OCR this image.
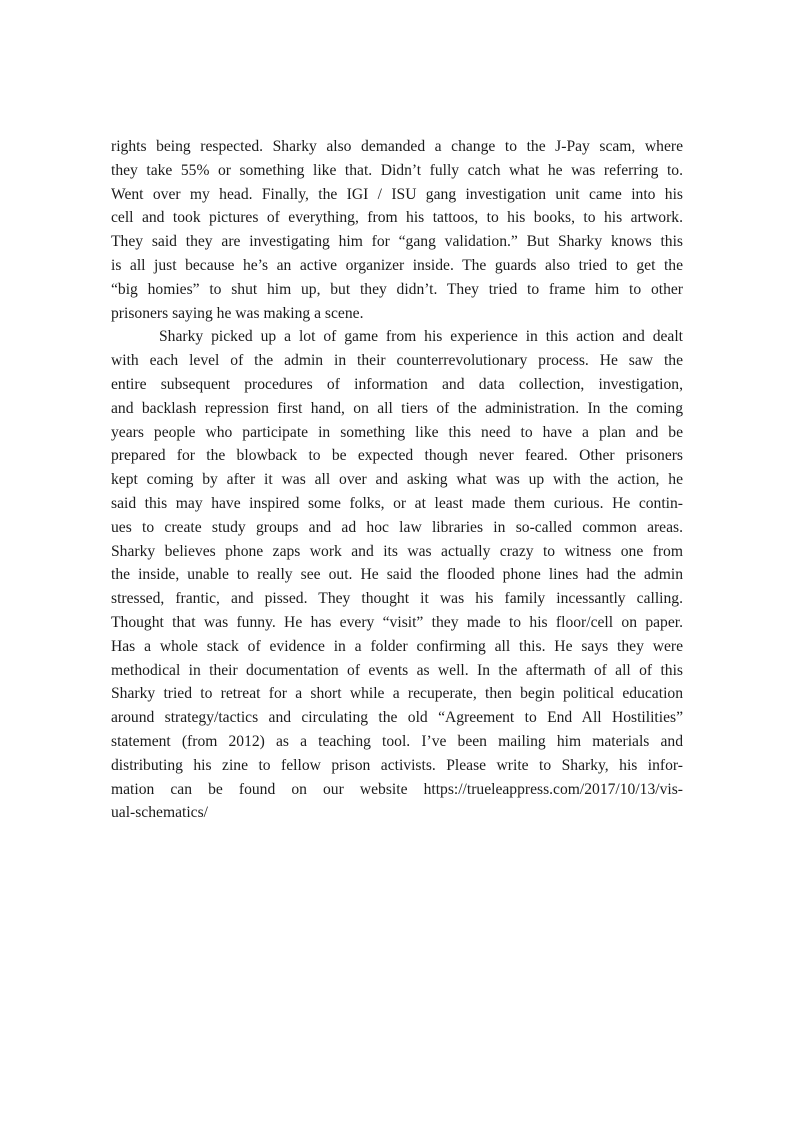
rights being respected. Sharky also demanded a change to the J-Pay scam, where
they take 55% or something like that. Didn’t fully catch what he was referring to.
Went over my head. Finally, the IGI / ISU gang investigation unit came into his
cell and took pictures of everything, from his tattoos, to his books, to his artwork.
They said they are investigating him for “gang validation.” But Sharky knows this
is all just because he’s an active organizer inside. The guards also tried to get the
“big homies” to shut him up, but they didn’t. They tried to frame him to other
prisoners saying he was making a scene.
Sharky picked up a lot of game from his experience in this action and dealt
with each level of the admin in their counterrevolutionary process. He saw the
entire subsequent procedures of information and data collection, investigation,
and backlash repression first hand, on all tiers of the administration. In the coming
years people who participate in something like this need to have a plan and be
prepared for the blowback to be expected though never feared. Other prisoners
kept coming by after it was all over and asking what was up with the action, he
said this may have inspired some folks, or at least made them curious. He contin-
ues to create study groups and ad hoc law libraries in so-called common areas.
Sharky believes phone zaps work and its was actually crazy to witness one from
the inside, unable to really see out. He said the flooded phone lines had the admin
stressed, frantic, and pissed. They thought it was his family incessantly calling.
Thought that was funny. He has every “visit” they made to his floor/cell on paper.
Has a whole stack of evidence in a folder confirming all this. He says they were
methodical in their documentation of events as well. In the aftermath of all of this
Sharky tried to retreat for a short while a recuperate, then begin political education
around strategy/tactics and circulating the old “Agreement to End All Hostilities”
statement (from 2012) as a teaching tool. I’ve been mailing him materials and
distributing his zine to fellow prison activists. Please write to Sharky, his infor-
mation can be found on our website https://trueleappress.com/2017/10/13/vis-
ual-schematics/
